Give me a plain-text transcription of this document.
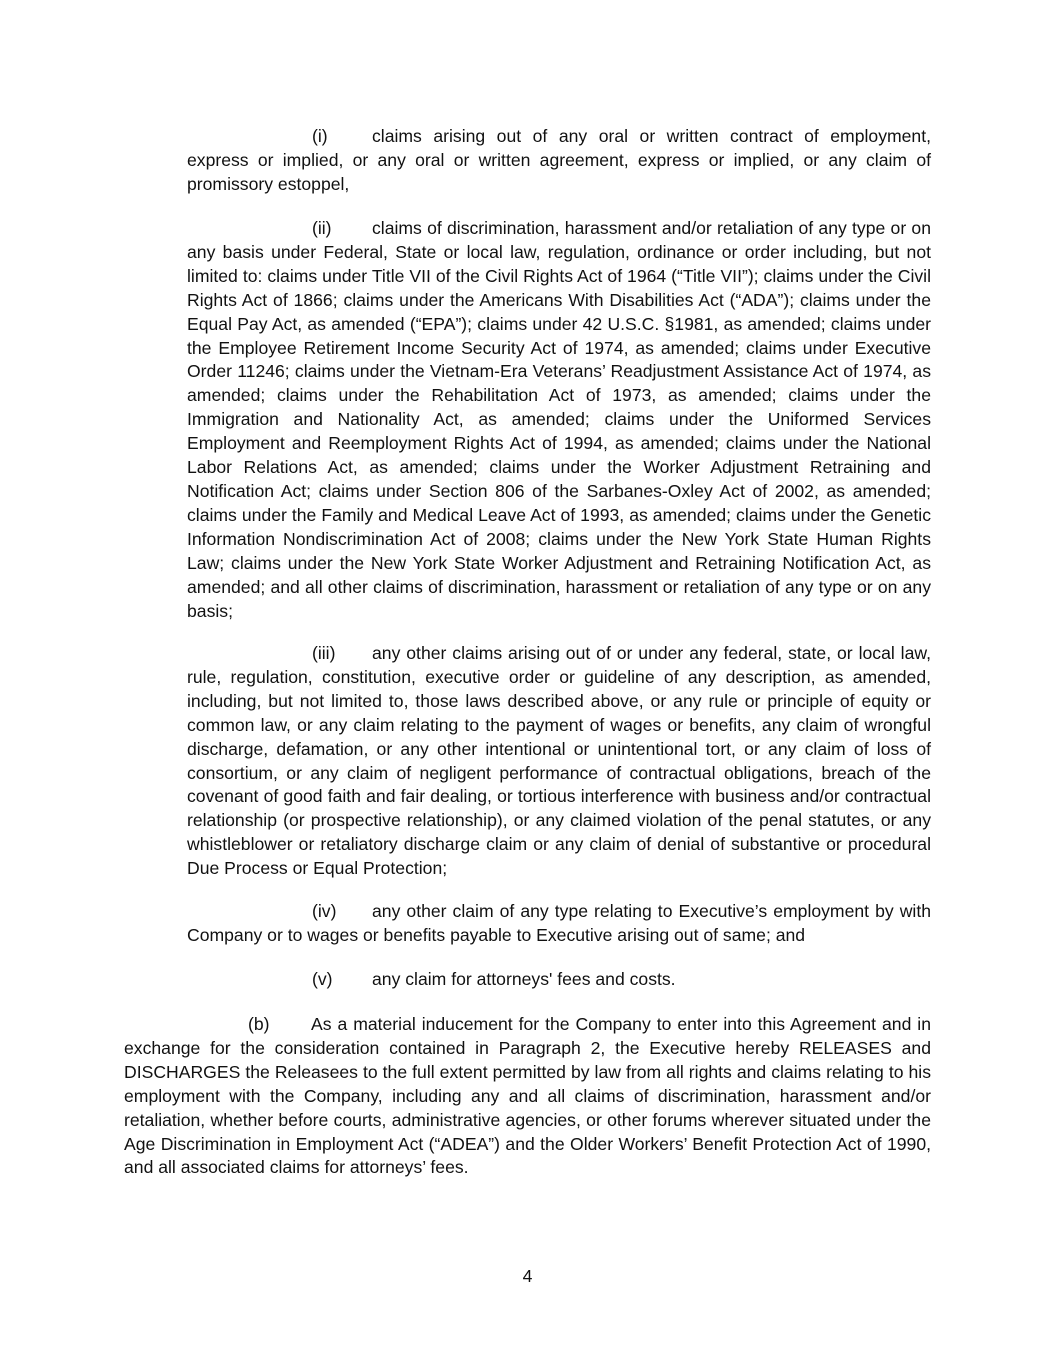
(i)	claims arising out of any oral or written contract of employment, express or implied, or any oral or written agreement, express or implied, or any claim of promissory estoppel,

(ii) claims of discrimination, harassment and/or retaliation of any type or on any basis under Federal, State or local law, regulation, ordinance or order including, but not limited to: claims under Title VII of the Civil Rights Act of 1964 (“Title VII”); claims under the Civil Rights Act of 1866; claims under the Americans With Disabilities Act (“ADA”); claims under the Equal Pay Act, as amended (“EPA”); claims under 42 U.S.C. §1981, as amended; claims under the Employee Retirement Income Security Act of 1974, as amended; claims under Executive Order 11246; claims under the Vietnam-Era Veterans’ Readjustment Assistance Act of 1974, as amended; claims under the Rehabilitation Act of 1973, as amended; claims under the Immigration and Nationality Act, as amended; claims under the Uniformed Services Employment and Reemployment Rights Act of 1994, as amended; claims under the National Labor Relations Act, as amended; claims under the Worker Adjustment Retraining and Notification Act; claims under Section 806 of the Sarbanes-Oxley Act of 2002, as amended; claims under the Family and Medical Leave Act of 1993, as amended; claims under the Genetic Information Nondiscrimination Act of 2008; claims under the New York State Human Rights Law; claims under the New York State Worker Adjustment and Retraining Notification Act, as amended; and all other claims of discrimination, harassment or retaliation of any type or on any basis;

(iii) any other claims arising out of or under any federal, state, or local law, rule, regulation, constitution, executive order or guideline of any description, as amended, including, but not limited to, those laws described above, or any rule or principle of equity or common law, or any claim relating to the payment of wages or benefits, any claim of wrongful discharge, defamation, or any other intentional or unintentional tort, or any claim of loss of consortium, or any claim of negligent performance of contractual obligations, breach of the covenant of good faith and fair dealing, or tortious interference with business and/or contractual relationship (or prospective relationship), or any claimed violation of the penal statutes, or any whistleblower or retaliatory discharge claim or any claim of denial of substantive or procedural Due Process or Equal Protection;

(iv) any other claim of any type relating to Executive’s employment by with Company or to wages or benefits payable to Executive arising out of same; and

(v) any claim for attorneys' fees and costs.

(b) As a material inducement for the Company to enter into this Agreement and in exchange for the consideration contained in Paragraph 2, the Executive hereby RELEASES and DISCHARGES the Releasees to the full extent permitted by law from all rights and claims relating to his employment with the Company, including any and all claims of discrimination, harassment and/or retaliation, whether before courts, administrative agencies, or other forums wherever situated under the Age Discrimination in Employment Act (“ADEA”) and the Older Workers’ Benefit Protection Act of 1990, and all associated claims for attorneys’ fees.

4
